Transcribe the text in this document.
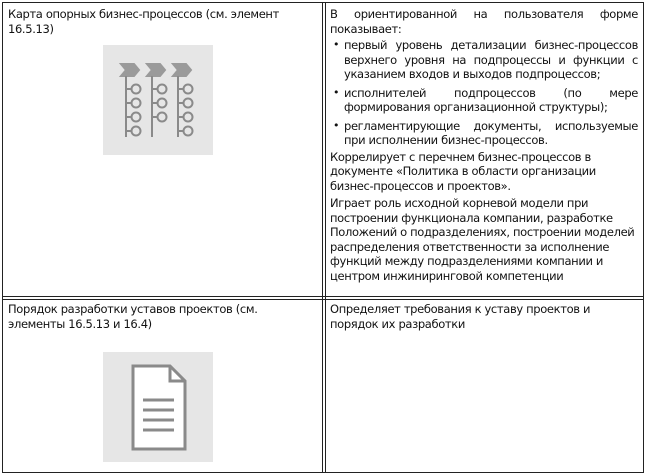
Карта опорных бизнес-процессов (см. элемент 16.5.13)

В ориентированной на пользователя форме показывает:

• первый уровень детализации бизнес-процессов верхнего уровня на подпроцессы и функции с указанием входов и выходов подпроцессов;
• исполнителей подпроцессов (по мере формирования организационной структуры);
• регламентирующие документы, используемые при исполнении бизнес-процессов.

Коррелирует с перечнем бизнес-процессов в документе «Политика в области организации бизнес-процессов и проектов».

Играет роль исходной корневой модели при построении функционала компании, разработке Положений о подразделениях, построении моделей распределения ответственности за исполнение функций между подразделениями компании и центром инжиниринговой компетенции

Порядок разработки уставов проектов (см. элементы 16.5.13 и 16.4)

Определяет требования к уставу проектов и порядок их разработки
